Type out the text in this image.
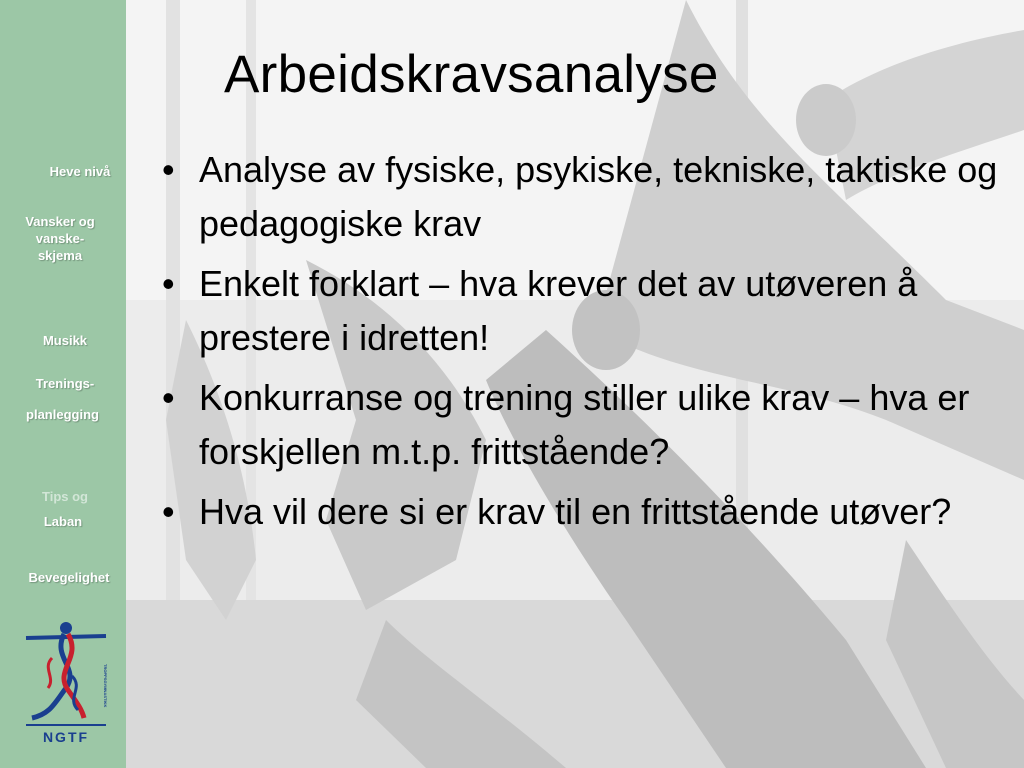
Heve nivå
Vansker og
vanske-
skjema
Musikk
Trenings-
planlegging
Tips og
Laban
Bevegelighet
NGTF
TROPPSGYMNASTIKK
Arbeidskravsanalyse
• Analyse av fysiske, psykiske, tekniske, taktiske og pedagogiske krav
• Enkelt forklart – hva krever det av utøveren å prestere i idretten!
• Konkurranse og trening stiller ulike krav – hva er forskjellen m.t.p. frittstående?
• Hva vil dere si er krav til en frittstående utøver?
